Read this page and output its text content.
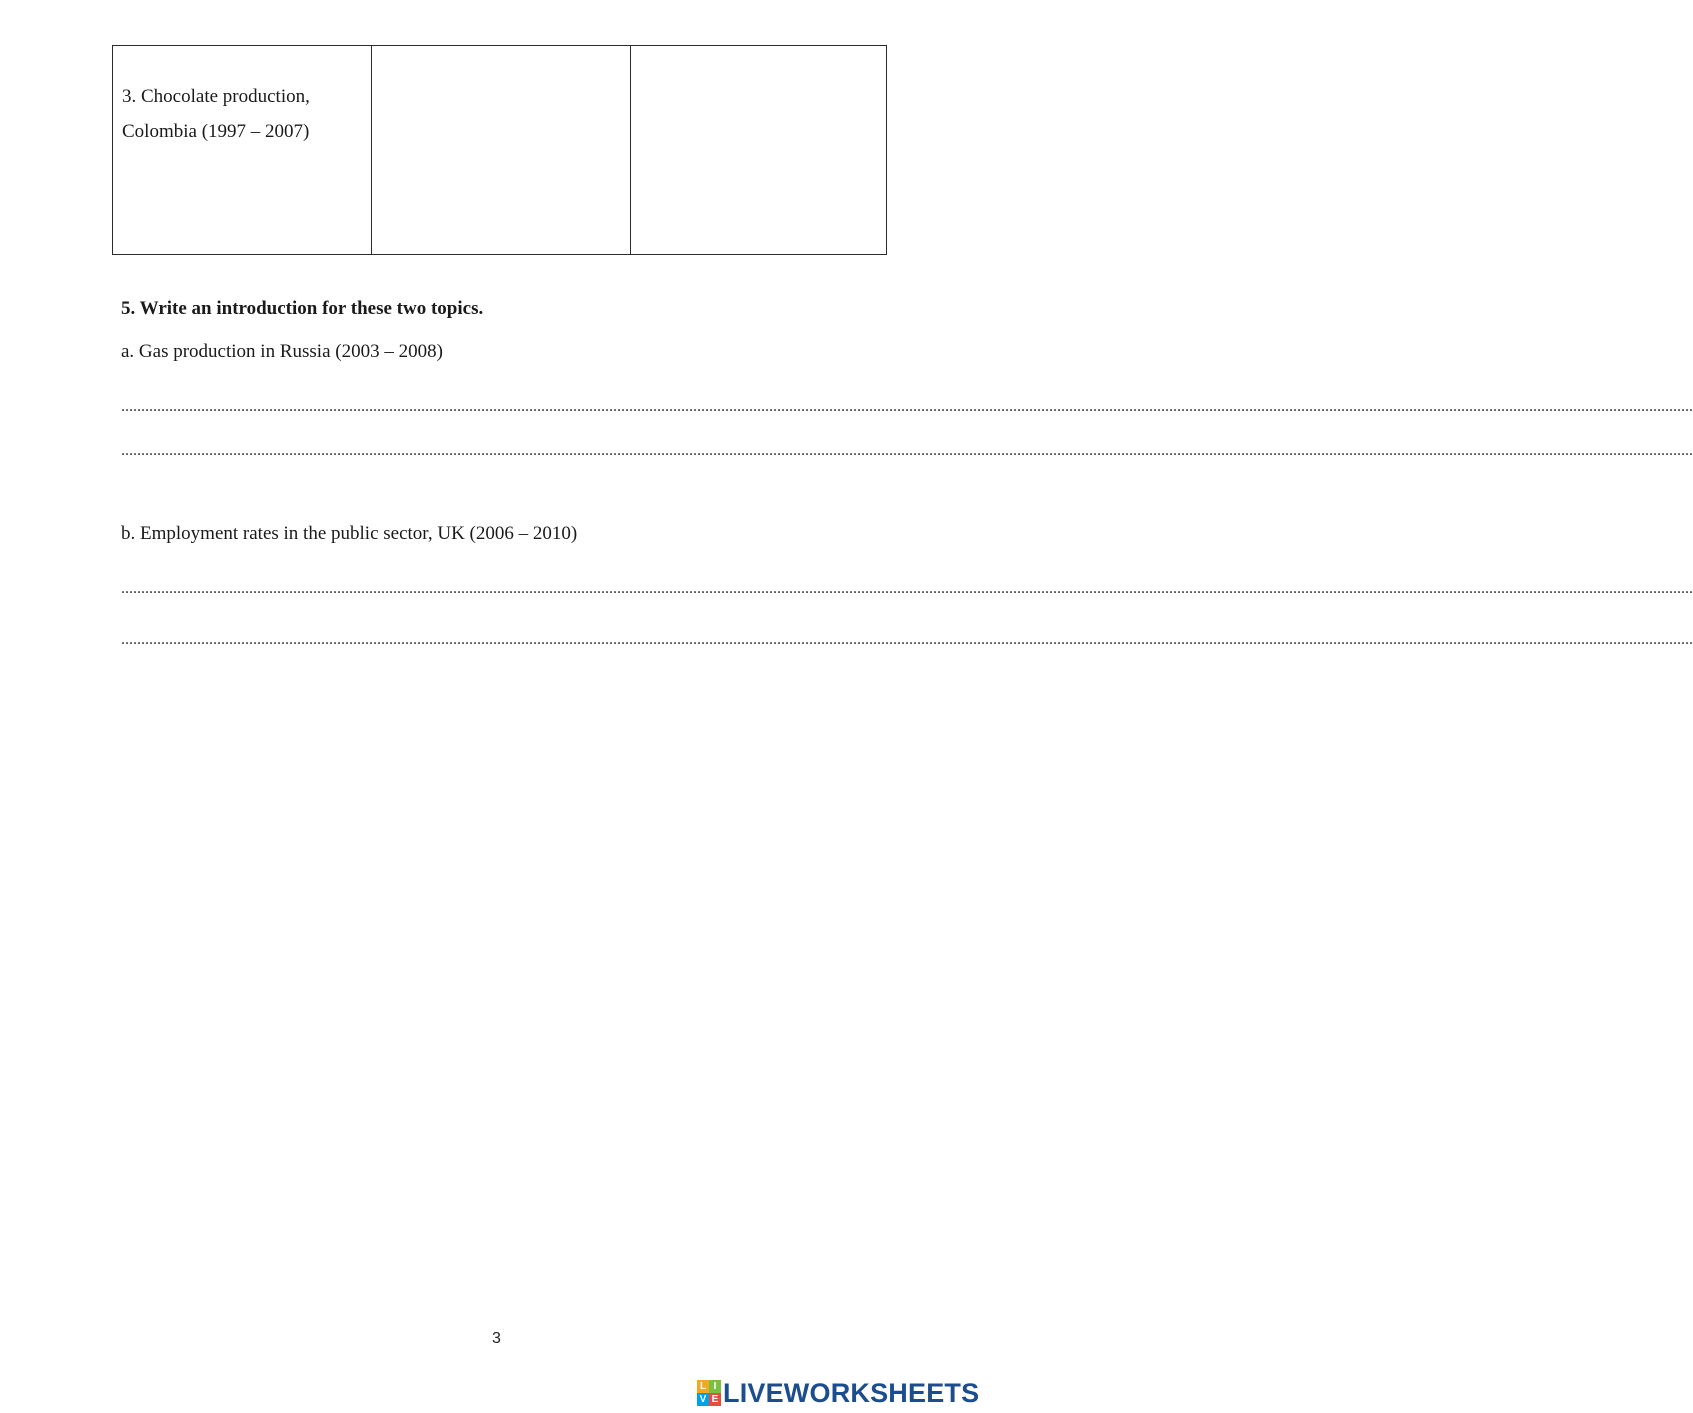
3. Chocolate production, Colombia (1997 – 2007)

5. Write an introduction for these two topics.
a. Gas production in Russia (2003 – 2008)
.........................................................................................................................................................................................................................................................................................................................................................................................................
.........................................................................................................................................................................................................................................................................................................................................................................................................
b. Employment rates in the public sector, UK (2006 – 2010)
.........................................................................................................................................................................................................................................................................................................................................................................................................
.........................................................................................................................................................................................................................................................................................................................................................................................................
3
L I
V E LIVEWORKSHEETS
